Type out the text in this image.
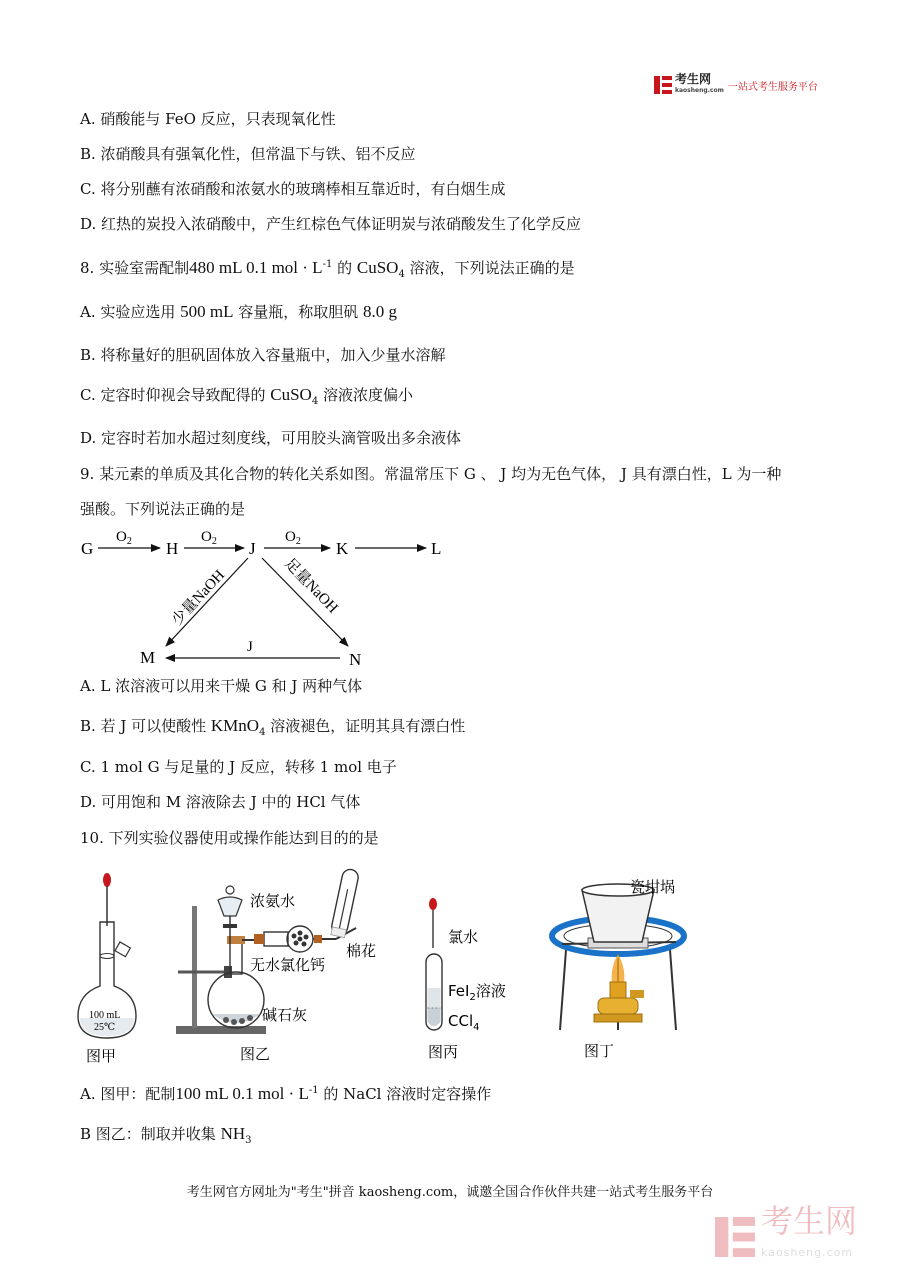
考生网
kaosheng.com 一站式考生服务平台
A. 硝酸能与 FeO 反应，只表现氧化性
B. 浓硝酸具有强氧化性，但常温下与铁、铝不反应
C. 将分别蘸有浓硝酸和浓氨水的玻璃棒相互靠近时，有白烟生成
D. 红热的炭投入浓硝酸中，产生红棕色气体证明炭与浓硝酸发生了化学反应
8. 实验室需配制480 mL 0.1 mol · $L^{-1}$ 的 CuSO$_4$ 溶液，下列说法正确的是
A. 实验应选用 500 mL 容量瓶，称取胆矾 8.0 g
B. 将称量好的胆矾固体放入容量瓶中，加入少量水溶解
C. 定容时仰视会导致配得的 CuSO$_4$ 溶液浓度偏小
D. 定容时若加水超过刻度线，可用胶头滴管吸出多余液体
9. 某元素的单质及其化合物的转化关系如图。常温常压下 G 、 J 均为无色气体， J 具有漂白性，L 为一种
强酸。下列说法正确的是
G
$O_2$ H
$O_2$ J
$O_2$ K	L
少量NaOH	足量NaOH
M
J
N
A. L 浓溶液可以用来干燥 G 和 J 两种气体
B. 若 J 可以使酸性 KMnO$_4$ 溶液褪色，证明其具有漂白性
C. 1 mol G 与足量的 J 反应，转移 1 mol 电子
D. 可用饱和 M 溶液除去 J 中的 HCl 气体
10. 下列实验仪器使用或操作能达到目的的是
100 mL
25℃
图甲
浓氨水
无水氯化钙
碱石灰
棉花
图乙
氯水
FeI$_2$溶液
CCl$_4$
图丙
瓷坩埚
图丁
A. 图甲：配制100 mL 0.1 mol · $L^{-1}$ 的 NaCl 溶液时定容操作
B 图乙：制取并收集 $NH_3$
考生网官方网址为"考生"拼音 kaosheng.com，诚邀全国合作伙伴共建一站式考生服务平台
考生网
kaosheng.com
